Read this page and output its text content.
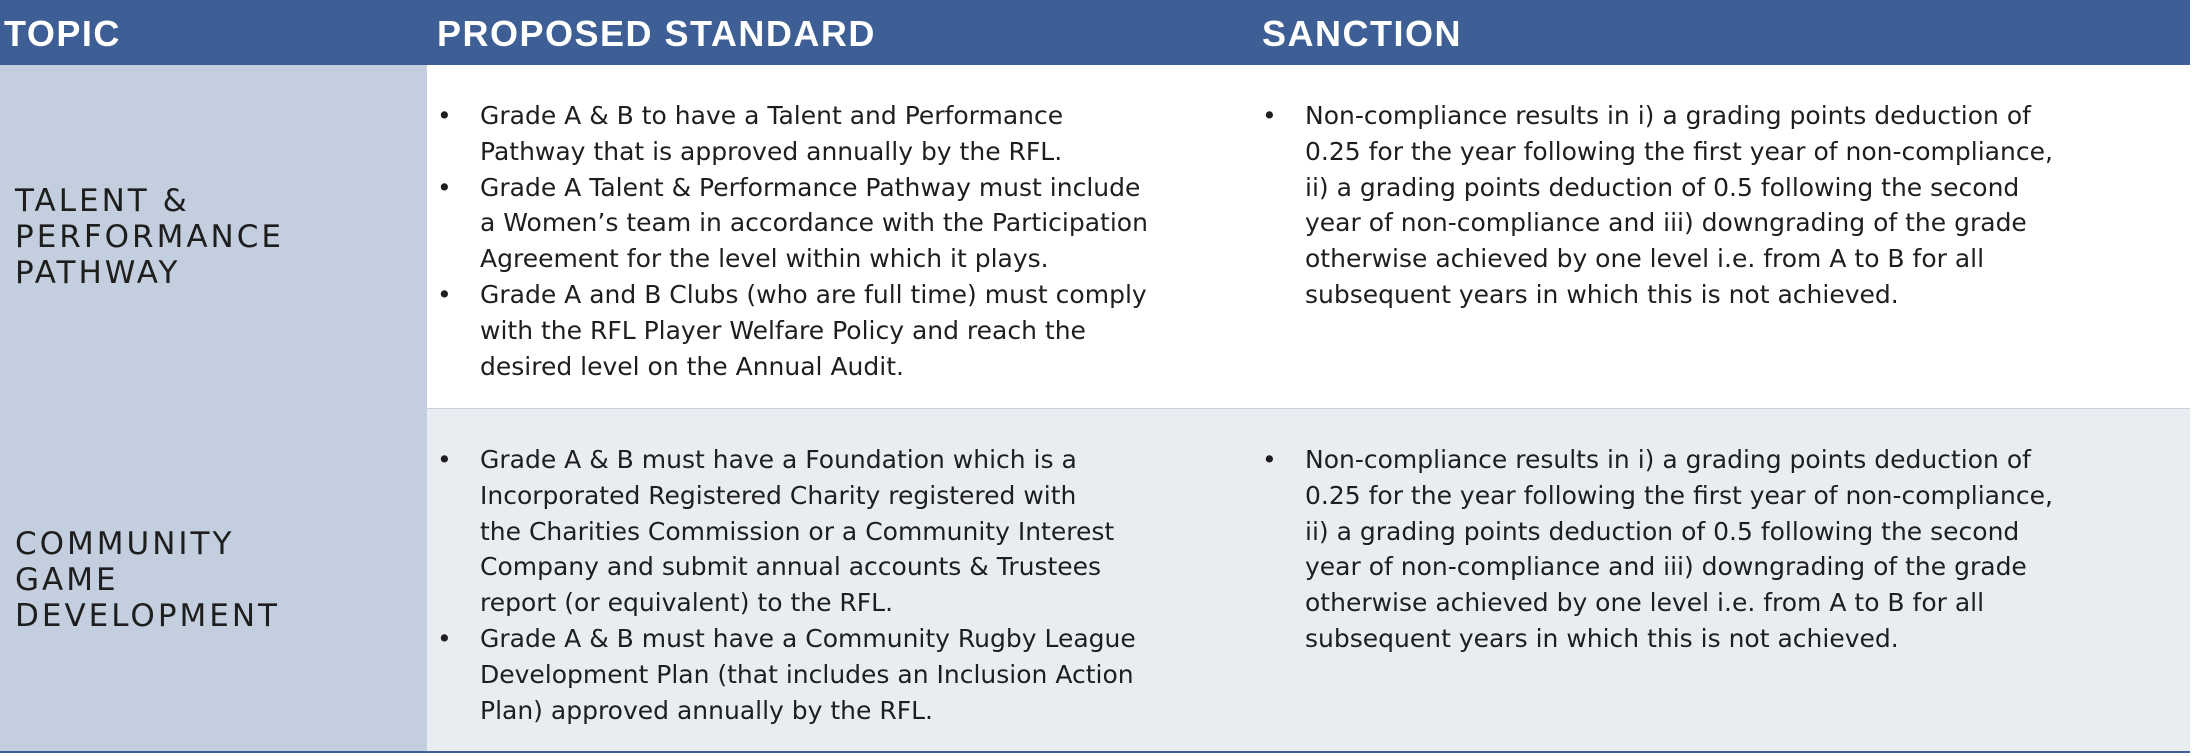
TOPIC	PROPOSED STANDARD	SANCTION
TALENT &
PERFORMANCE
PATHWAY
• Grade A & B to have a Talent and Performance
Pathway that is approved annually by the RFL.
• Grade A Talent & Performance Pathway must include
a Women’s team in accordance with the Participation
Agreement for the level within which it plays.
• Grade A and B Clubs (who are full time) must comply
with the RFL Player Welfare Policy and reach the
desired level on the Annual Audit.
• Non-compliance results in i) a grading points deduction of
0.25 for the year following the first year of non-compliance,
ii) a grading points deduction of 0.5 following the second
year of non-compliance and iii) downgrading of the grade
otherwise achieved by one level i.e. from A to B for all
subsequent years in which this is not achieved.
COMMUNITY
GAME
DEVELOPMENT
• Grade A & B must have a Foundation which is a
Incorporated Registered Charity registered with
the Charities Commission or a Community Interest
Company and submit annual accounts & Trustees
report (or equivalent) to the RFL.
• Grade A & B must have a Community Rugby League
Development Plan (that includes an Inclusion Action
Plan) approved annually by the RFL.
• Non-compliance results in i) a grading points deduction of
0.25 for the year following the first year of non-compliance,
ii) a grading points deduction of 0.5 following the second
year of non-compliance and iii) downgrading of the grade
otherwise achieved by one level i.e. from A to B for all
subsequent years in which this is not achieved.
